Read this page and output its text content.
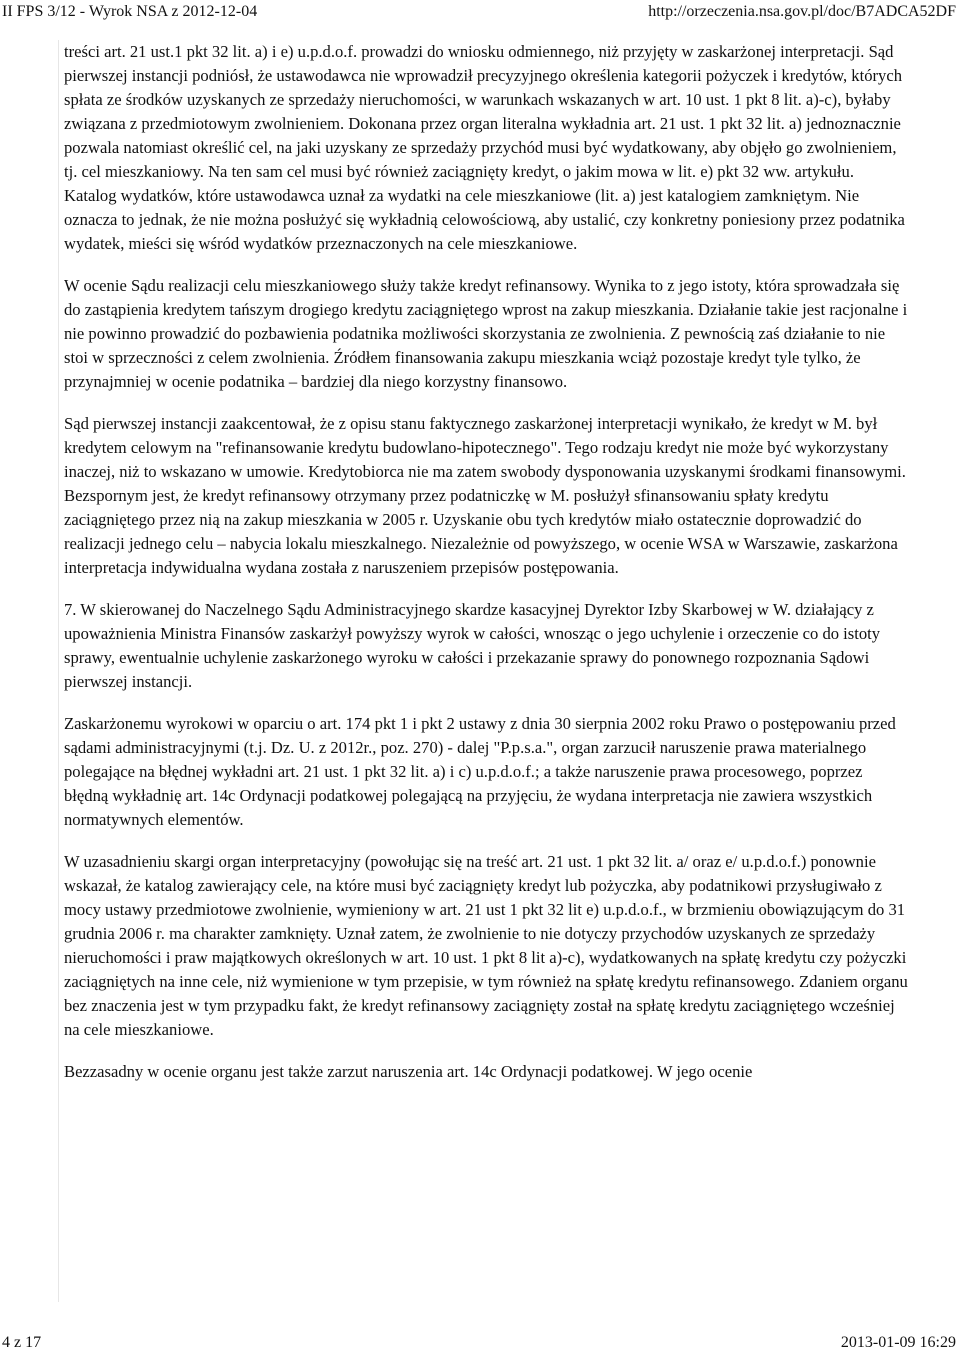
II FPS 3/12 - Wyrok NSA z 2012-12-04	http://orzeczenia.nsa.gov.pl/doc/B7ADCA52DF

treści art. 21 ust.1 pkt 32 lit. a) i e) u.p.d.o.f. prowadzi do wniosku odmiennego, niż przyjęty w zaskarżonej interpretacji. Sąd pierwszej instancji podniósł, że ustawodawca nie wprowadził precyzyjnego określenia kategorii pożyczek i kredytów, których spłata ze środków uzyskanych ze sprzedaży nieruchomości, w warunkach wskazanych w art. 10 ust. 1 pkt 8 lit. a)-c), byłaby związana z przedmiotowym zwolnieniem. Dokonana przez organ literalna wykładnia art. 21 ust. 1 pkt 32 lit. a) jednoznacznie pozwala natomiast określić cel, na jaki uzyskany ze sprzedaży przychód musi być wydatkowany, aby objęło go zwolnieniem, tj. cel mieszkaniowy. Na ten sam cel musi być również zaciągnięty kredyt, o jakim mowa w lit. e) pkt 32 ww. artykułu. Katalog wydatków, które ustawodawca uznał za wydatki na cele mieszkaniowe (lit. a) jest katalogiem zamkniętym. Nie oznacza to jednak, że nie można posłużyć się wykładnią celowościową, aby ustalić, czy konkretny poniesiony przez podatnika wydatek, mieści się wśród wydatków przeznaczonych na cele mieszkaniowe.

W ocenie Sądu realizacji celu mieszkaniowego służy także kredyt refinansowy. Wynika to z jego istoty, która sprowadzała się do zastąpienia kredytem tańszym drogiego kredytu zaciągniętego wprost na zakup mieszkania. Działanie takie jest racjonalne i nie powinno prowadzić do pozbawienia podatnika możliwości skorzystania ze zwolnienia. Z pewnością zaś działanie to nie stoi w sprzeczności z celem zwolnienia. Źródłem finansowania zakupu mieszkania wciąż pozostaje kredyt tyle tylko, że przynajmniej w ocenie podatnika – bardziej dla niego korzystny finansowo.

Sąd pierwszej instancji zaakcentował, że z opisu stanu faktycznego zaskarżonej interpretacji wynikało, że kredyt w M. był kredytem celowym na "refinansowanie kredytu budowlano-hipotecznego". Tego rodzaju kredyt nie może być wykorzystany inaczej, niż to wskazano w umowie. Kredytobiorca nie ma zatem swobody dysponowania uzyskanymi środkami finansowymi. Bezspornym jest, że kredyt refinansowy otrzymany przez podatniczkę w M. posłużył sfinansowaniu spłaty kredytu zaciągniętego przez nią na zakup mieszkania w 2005 r. Uzyskanie obu tych kredytów miało ostatecznie doprowadzić do realizacji jednego celu – nabycia lokalu mieszkalnego. Niezależnie od powyższego, w ocenie WSA w Warszawie, zaskarżona interpretacja indywidualna wydana została z naruszeniem przepisów postępowania.

7. W skierowanej do Naczelnego Sądu Administracyjnego skardze kasacyjnej Dyrektor Izby Skarbowej w W. działający z upoważnienia Ministra Finansów zaskarżył powyższy wyrok w całości, wnosząc o jego uchylenie i orzeczenie co do istoty sprawy, ewentualnie uchylenie zaskarżonego wyroku w całości i przekazanie sprawy do ponownego rozpoznania Sądowi pierwszej instancji.

Zaskarżonemu wyrokowi w oparciu o art. 174 pkt 1 i pkt 2 ustawy z dnia 30 sierpnia 2002 roku Prawo o postępowaniu przed sądami administracyjnymi (t.j. Dz. U. z 2012r., poz. 270) - dalej "P.p.s.a.", organ zarzucił naruszenie prawa materialnego polegające na błędnej wykładni art. 21 ust. 1 pkt 32 lit. a) i c) u.p.d.o.f.; a także naruszenie prawa procesowego, poprzez błędną wykładnię art. 14c Ordynacji podatkowej polegającą na przyjęciu, że wydana interpretacja nie zawiera wszystkich normatywnych elementów.

W uzasadnieniu skargi organ interpretacyjny (powołując się na treść art. 21 ust. 1 pkt 32 lit. a/ oraz e/ u.p.d.o.f.) ponownie wskazał, że katalog zawierający cele, na które musi być zaciągnięty kredyt lub pożyczka, aby podatnikowi przysługiwało z mocy ustawy przedmiotowe zwolnienie, wymieniony w art. 21 ust 1 pkt 32 lit e) u.p.d.o.f., w brzmieniu obowiązującym do 31 grudnia 2006 r. ma charakter zamknięty. Uznał zatem, że zwolnienie to nie dotyczy przychodów uzyskanych ze sprzedaży nieruchomości i praw majątkowych określonych w art. 10 ust. 1 pkt 8 lit a)-c), wydatkowanych na spłatę kredytu czy pożyczki zaciągniętych na inne cele, niż wymienione w tym przepisie, w tym również na spłatę kredytu refinansowego. Zdaniem organu bez znaczenia jest w tym przypadku fakt, że kredyt refinansowy zaciągnięty został na spłatę kredytu zaciągniętego wcześniej na cele mieszkaniowe.

Bezzasadny w ocenie organu jest także zarzut naruszenia art. 14c Ordynacji podatkowej. W jego ocenie

4 z 17	2013-01-09 16:29
